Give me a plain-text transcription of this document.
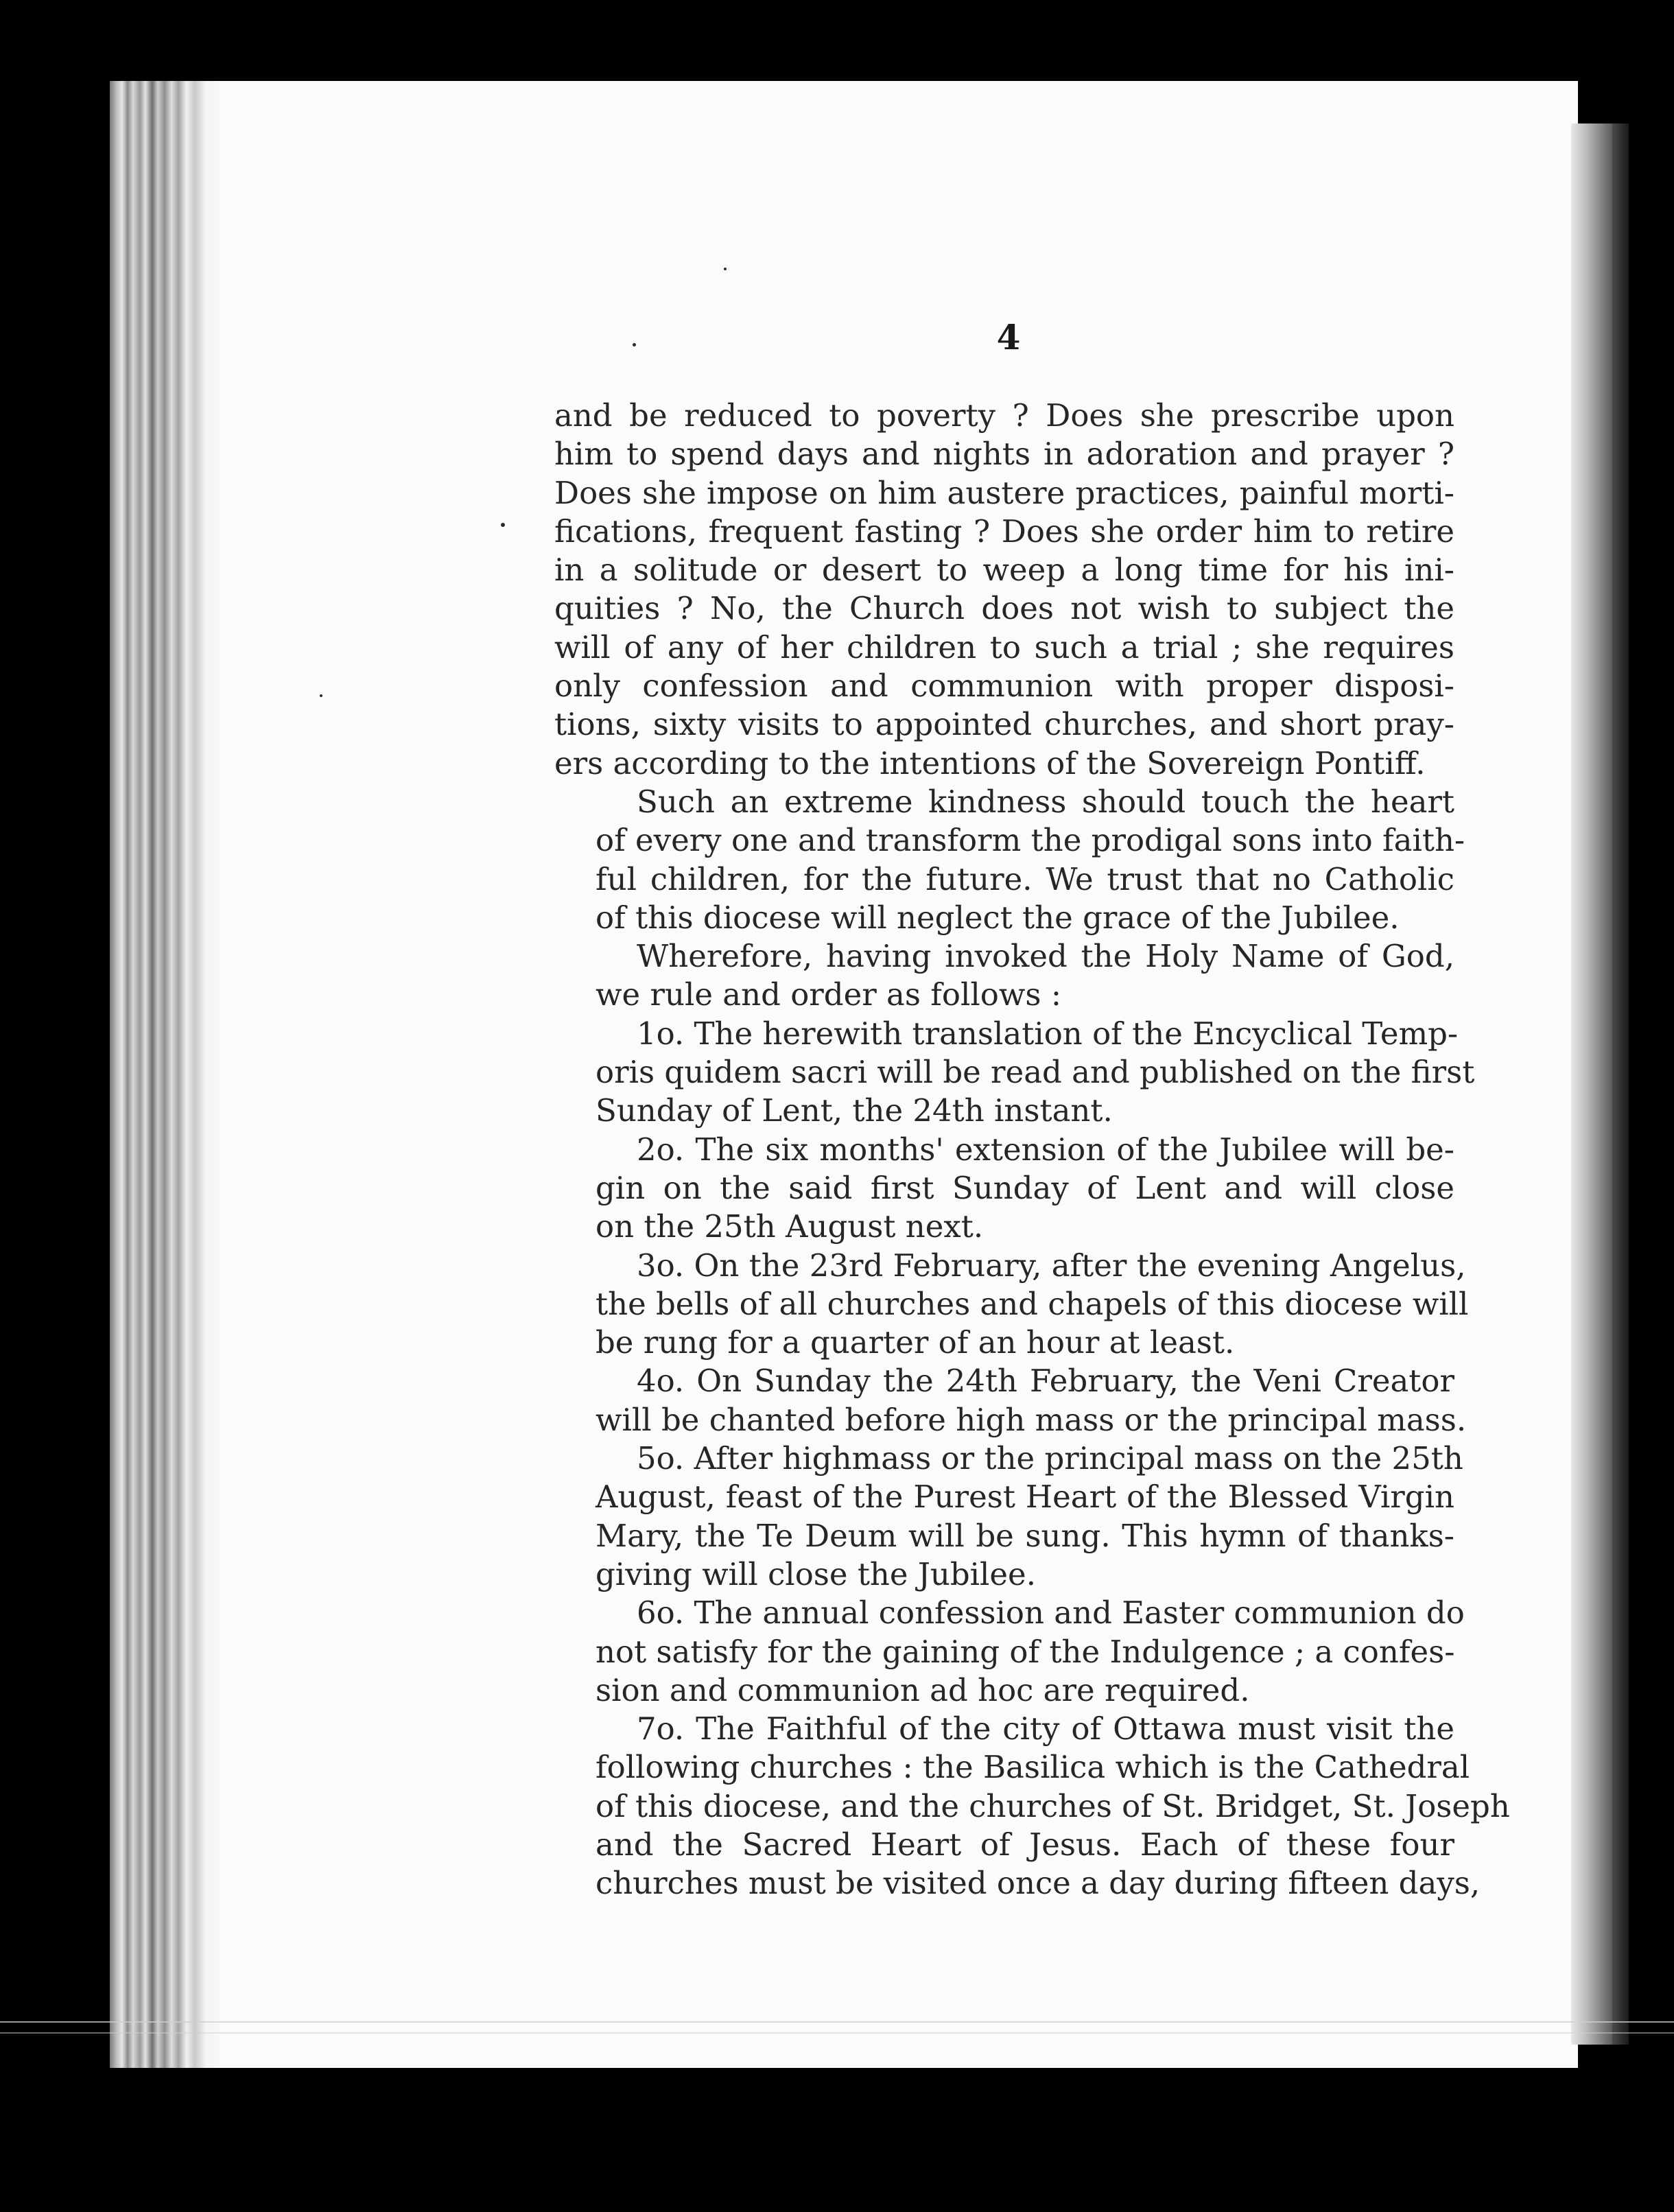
4

and be reduced to poverty ? Does she prescribe upon
him to spend days and nights in adoration and prayer ?
Does she impose on him austere practices, painful morti-
fications, frequent fasting ? Does she order him to retire
in a solitude or desert to weep a long time for his ini-
quities ? No, the Church does not wish to subject the
will of any of her children to such a trial ; she requires
only confession and communion with proper disposi-
tions, sixty visits to appointed churches, and short pray-
ers according to the intentions of the Sovereign Pontiff.

Such an extreme kindness should touch the heart
of every one and transform the prodigal sons into faith-
ful children, for the future. We trust that no Catholic
of this diocese will neglect the grace of the Jubilee.

Wherefore, having invoked the Holy Name of God,
we rule and order as follows :

1o. The herewith translation of the Encyclical Temp-
oris quidem sacri will be read and published on the first
Sunday of Lent, the 24th instant.

2o. The six months' extension of the Jubilee will be-
gin on the said first Sunday of Lent and will close
on the 25th August next.

3o. On the 23rd February, after the evening Angelus,
the bells of all churches and chapels of this diocese will
be rung for a quarter of an hour at least.

4o. On Sunday the 24th February, the Veni Creator
will be chanted before high mass or the principal mass.

5o. After highmass or the principal mass on the 25th
August, feast of the Purest Heart of the Blessed Virgin
Mary, the Te Deum will be sung. This hymn of thanks-
giving will close the Jubilee.

6o. The annual confession and Easter communion do
not satisfy for the gaining of the Indulgence ; a confes-
sion and communion ad hoc are required.

7o. The Faithful of the city of Ottawa must visit the
following churches : the Basilica which is the Cathedral
of this diocese, and the churches of St. Bridget, St. Joseph
and the Sacred Heart of Jesus. Each of these four
churches must be visited once a day during fifteen days,
